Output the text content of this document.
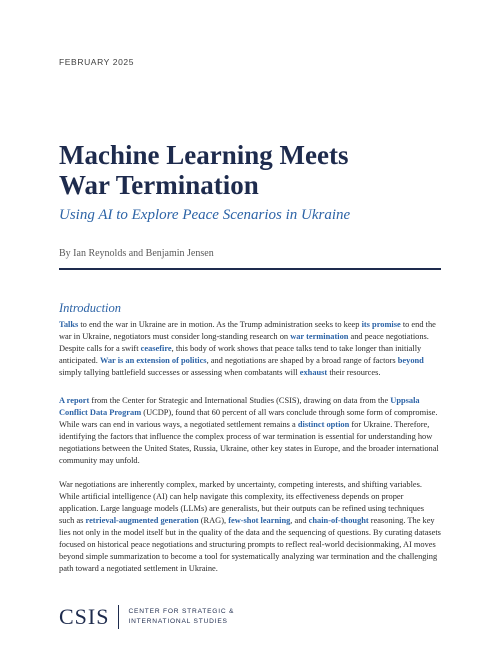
FEBRUARY 2025
Machine Learning Meets
War Termination
Using AI to Explore Peace Scenarios in Ukraine
By Ian Reynolds and Benjamin Jensen
Introduction

Talks to end the war in Ukraine are in motion. As the Trump administration seeks to keep its promise to end the war in Ukraine, negotiators must consider long-standing research on war termination and peace negotiations. Despite calls for a swift ceasefire, this body of work shows that peace talks tend to take longer than initially anticipated. War is an extension of politics, and negotiations are shaped by a broad range of factors beyond simply tallying battlefield successes or assessing when combatants will exhaust their resources.

A report from the Center for Strategic and International Studies (CSIS), drawing on data from the Uppsala Conflict Data Program (UCDP), found that 60 percent of all wars conclude through some form of compromise. While wars can end in various ways, a negotiated settlement remains a distinct option for Ukraine. Therefore, identifying the factors that influence the complex process of war termination is essential for understanding how negotiations between the United States, Russia, Ukraine, other key states in Europe, and the broader international community may unfold.

War negotiations are inherently complex, marked by uncertainty, competing interests, and shifting variables. While artificial intelligence (AI) can help navigate this complexity, its effectiveness depends on proper application. Large language models (LLMs) are generalists, but their outputs can be refined using techniques such as retrieval-augmented generation (RAG), few-shot learning, and chain-of-thought reasoning. The key lies not only in the model itself but in the quality of the data and the sequencing of questions. By curating datasets focused on historical peace negotiations and structuring prompts to reflect real-world decisionmaking, AI moves beyond simple summarization to become a tool for systematically analyzing war termination and the challenging path toward a negotiated settlement in Ukraine.

CSIS	CENTER FOR STRATEGIC &
INTERNATIONAL STUDIES
